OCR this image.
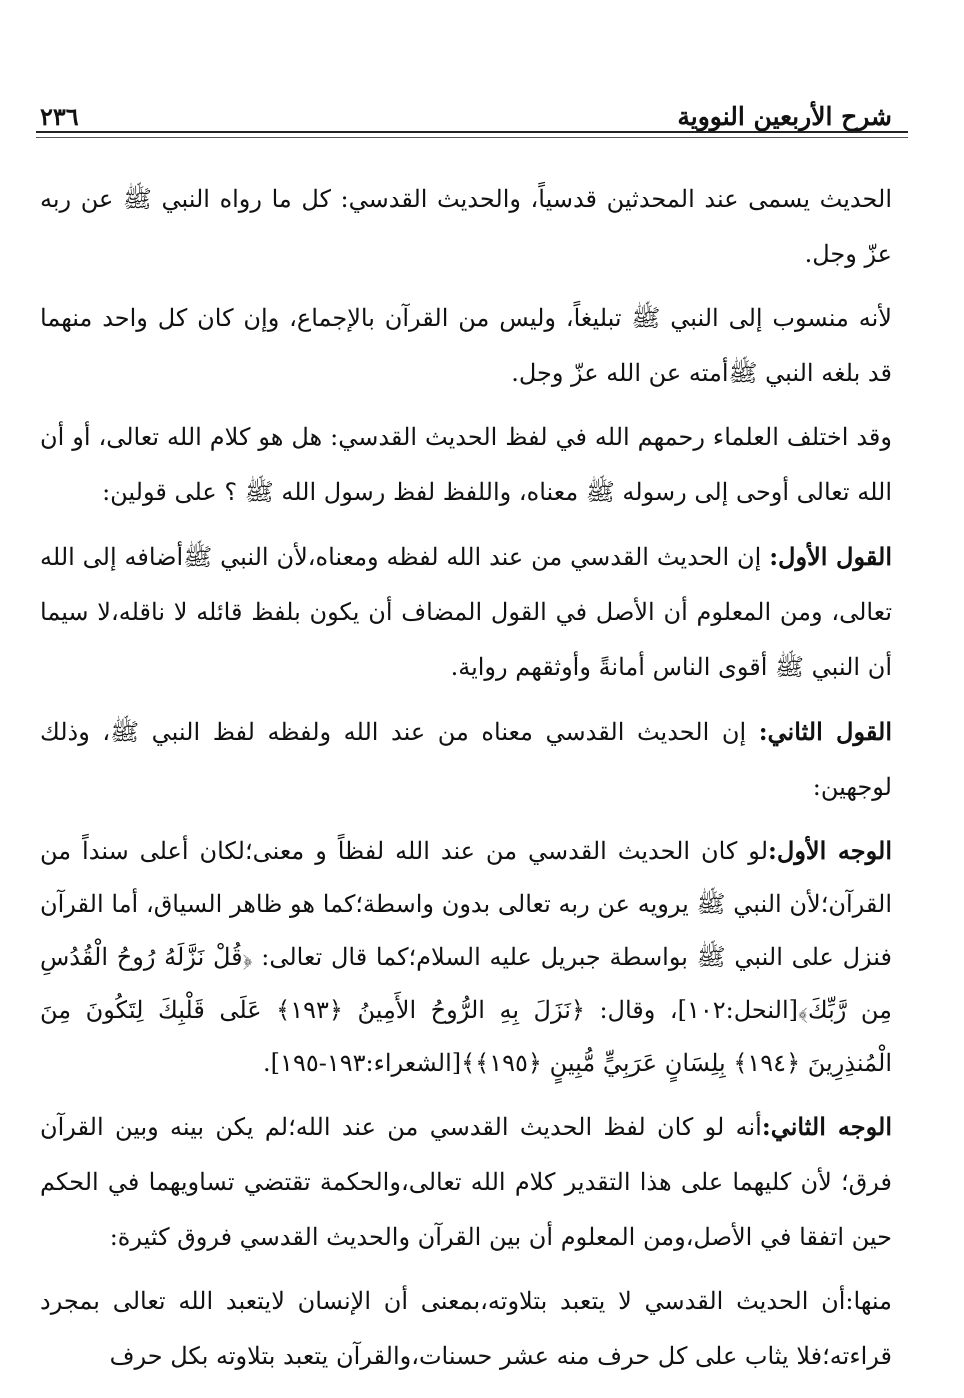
شرح الأربعين النووية
٢٣٦

الحديث يسمى عند المحدثين قدسياً، والحديث القدسي: كل ما رواه النبي ﷺ عن ربه عزّ وجل.

لأنه منسوب إلى النبي ﷺ تبليغاً، وليس من القرآن بالإجماع، وإن كان كل واحد منهما قد بلغه النبي ﷺأمته عن الله عزّ وجل.

وقد اختلف العلماء رحمهم الله في لفظ الحديث القدسي: هل هو كلام الله تعالى، أو أن الله تعالى أوحى إلى رسوله ﷺ معناه، واللفظ لفظ رسول الله ﷺ ؟ على قولين:

القول الأول: إن الحديث القدسي من عند الله لفظه ومعناه،لأن النبي ﷺأضافه إلى الله تعالى، ومن المعلوم أن الأصل في القول المضاف أن يكون بلفظ قائله لا ناقله،لا سيما أن النبي ﷺ أقوى الناس أمانةً وأوثقهم رواية.

القول الثاني: إن الحديث القدسي معناه من عند الله ولفظه لفظ النبي ﷺ، وذلك لوجهين:

الوجه الأول:لو كان الحديث القدسي من عند الله لفظاً و معنى؛لكان أعلى سنداً من القرآن؛لأن النبي ﷺ يرويه عن ربه تعالى بدون واسطة؛كما هو ظاهر السياق، أما القرآن فنزل على النبي ﷺ بواسطة جبريل عليه السلام؛كما قال تعالى: ﴿قُلْ نَزَّلَهُ رُوحُ الْقُدُسِ مِن رَّبِّكَ﴾[النحل:١٠٢]، وقال: ﴿نَزَلَ بِهِ الرُّوحُ الأَمِينُ ﴿١٩٣﴾ عَلَى قَلْبِكَ لِتَكُونَ مِنَ الْمُنذِرِينَ ﴿١٩٤﴾ بِلِسَانٍ عَرَبِيٍّ مُّبِينٍ ﴿١٩٥﴾﴾[الشعراء:١٩٣-١٩٥].

الوجه الثاني:أنه لو كان لفظ الحديث القدسي من عند الله؛لم يكن بينه وبين القرآن فرق؛ لأن كليهما على هذا التقدير كلام الله تعالى،والحكمة تقتضي تساويهما في الحكم حين اتفقا في الأصل،ومن المعلوم أن بين القرآن والحديث القدسي فروق كثيرة:

منها:أن الحديث القدسي لا يتعبد بتلاوته،بمعنى أن الإنسان لايتعبد الله تعالى بمجرد قراءته؛فلا يثاب على كل حرف منه عشر حسنات،والقرآن يتعبد بتلاوته بكل حرف
